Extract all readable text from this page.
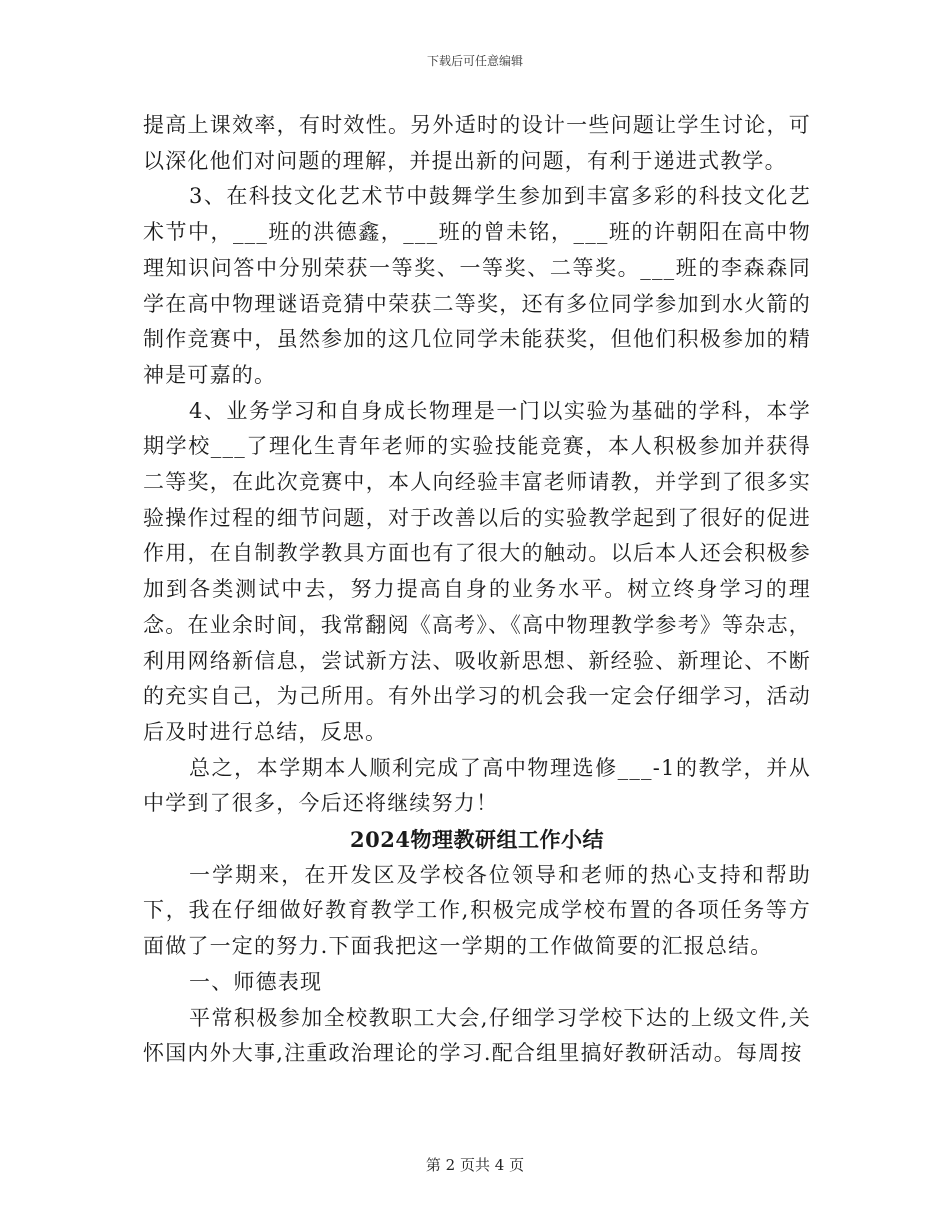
下载后可任意编辑

提高上课效率，有时效性。另外适时的设计一些问题让学生讨论，可以深化他们对问题的理解，并提出新的问题，有利于递进式教学。

3、在科技文化艺术节中鼓舞学生参加到丰富多彩的科技文化艺术节中，___班的洪德鑫，___班的曾未铭，___班的许朝阳在高中物理知识问答中分别荣获一等奖、一等奖、二等奖。___班的李森森同学在高中物理谜语竞猜中荣获二等奖，还有多位同学参加到水火箭的制作竞赛中，虽然参加的这几位同学未能获奖，但他们积极参加的精神是可嘉的。

4、业务学习和自身成长物理是一门以实验为基础的学科，本学期学校___了理化生青年老师的实验技能竞赛，本人积极参加并获得二等奖，在此次竞赛中，本人向经验丰富老师请教，并学到了很多实验操作过程的细节问题，对于改善以后的实验教学起到了很好的促进作用，在自制教学教具方面也有了很大的触动。以后本人还会积极参加到各类测试中去，努力提高自身的业务水平。树立终身学习的理念。在业余时间，我常翻阅《高考》、《高中物理教学参考》等杂志，利用网络新信息，尝试新方法、吸收新思想、新经验、新理论、不断的充实自己，为己所用。有外出学习的机会我一定会仔细学习，活动后及时进行总结，反思。

总之，本学期本人顺利完成了高中物理选修___-1的教学，并从中学到了很多，今后还将继续努力！

2024物理教研组工作小结

一学期来，在开发区及学校各位领导和老师的热心支持和帮助下，我在仔细做好教育教学工作,积极完成学校布置的各项任务等方面做了一定的努力.下面我把这一学期的工作做简要的汇报总结。

一、师德表现

平常积极参加全校教职工大会,仔细学习学校下达的上级文件,关怀国内外大事,注重政治理论的学习.配合组里搞好教研活动。每周按

第 2 页共 4 页
